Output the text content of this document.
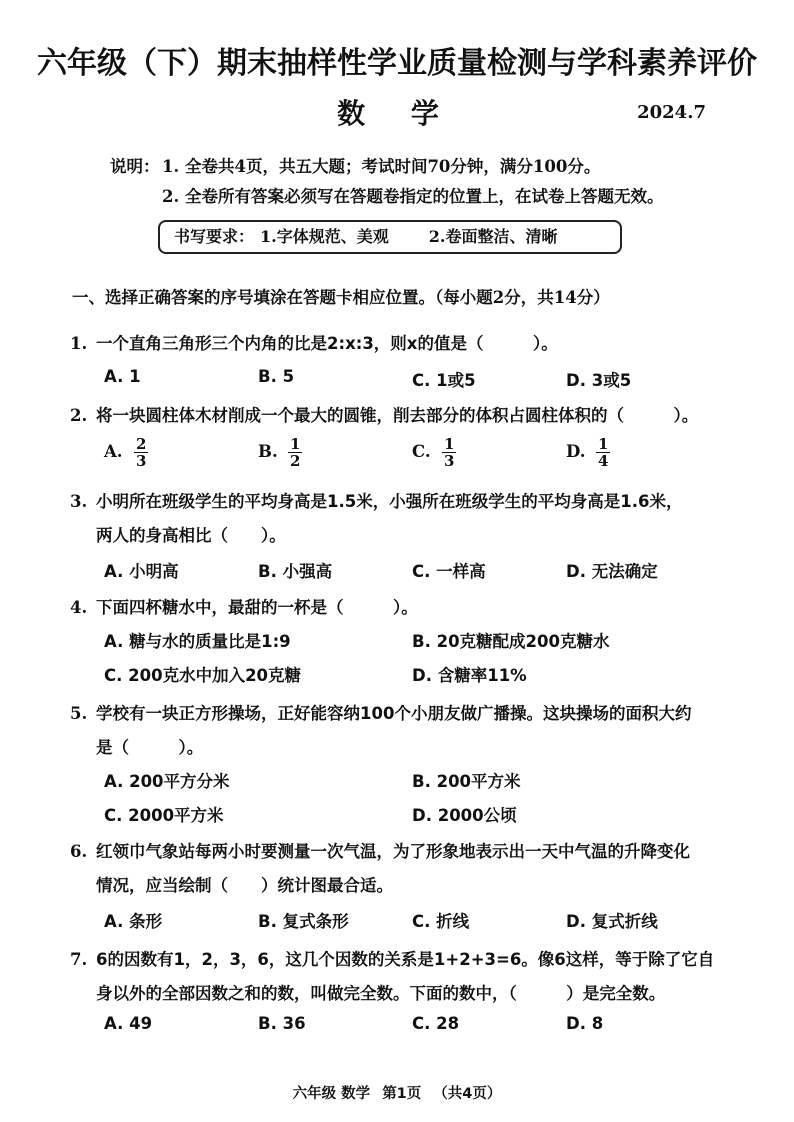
六年级（下）期末抽样性学业质量检测与学科素养评价
数 学	2024.7
说明： 1. 全卷共4页，共五大题；考试时间70分钟，满分100分。
2. 全卷所有答案必须写在答题卷指定的位置上，在试卷上答题无效。
书写要求： 1.字体规范、美观	2.卷面整洁、清晰
一、选择正确答案的序号填涂在答题卡相应位置。（每小题2分，共14分）
1. 一个直角三角形三个内角的比是2:x:3，则x的值是（　　　）。
A. 1	B. 5	C. 1或5	D. 3或5
2. 将一块圆柱体木材削成一个最大的圆锥，削去部分的体积占圆柱体积的（　　　）。
A. $\frac{2}{3}$	B. $\frac{1}{2}$	C. $\frac{1}{3}$	D. $\frac{1}{4}$
3. 小明所在班级学生的平均身高是1.5米，小强所在班级学生的平均身高是1.6米，
两人的身高相比（　　）。
A. 小明高	B. 小强高	C. 一样高	D. 无法确定
4. 下面四杯糖水中，最甜的一杯是（　　　）。
A. 糖与水的质量比是1:9	B. 20克糖配成200克糖水
C. 200克水中加入20克糖	D. 含糖率11%
5. 学校有一块正方形操场，正好能容纳100个小朋友做广播操。这块操场的面积大约
是（　　　）。
A. 200平方分米	B. 200平方米
C. 2000平方米	D. 2000公顷
6. 红领巾气象站每两小时要测量一次气温，为了形象地表示出一天中气温的升降变化
情况，应当绘制（　　）统计图最合适。
A. 条形	B. 复式条形	C. 折线	D. 复式折线
7. 6的因数有1，2，3，6，这几个因数的关系是1+2+3=6。像6这样，等于除了它自
身以外的全部因数之和的数，叫做完全数。下面的数中，（　　　）是完全数。
A. 49	B. 36	C. 28	D. 8
六年级 数学 第1页 （共4页）
